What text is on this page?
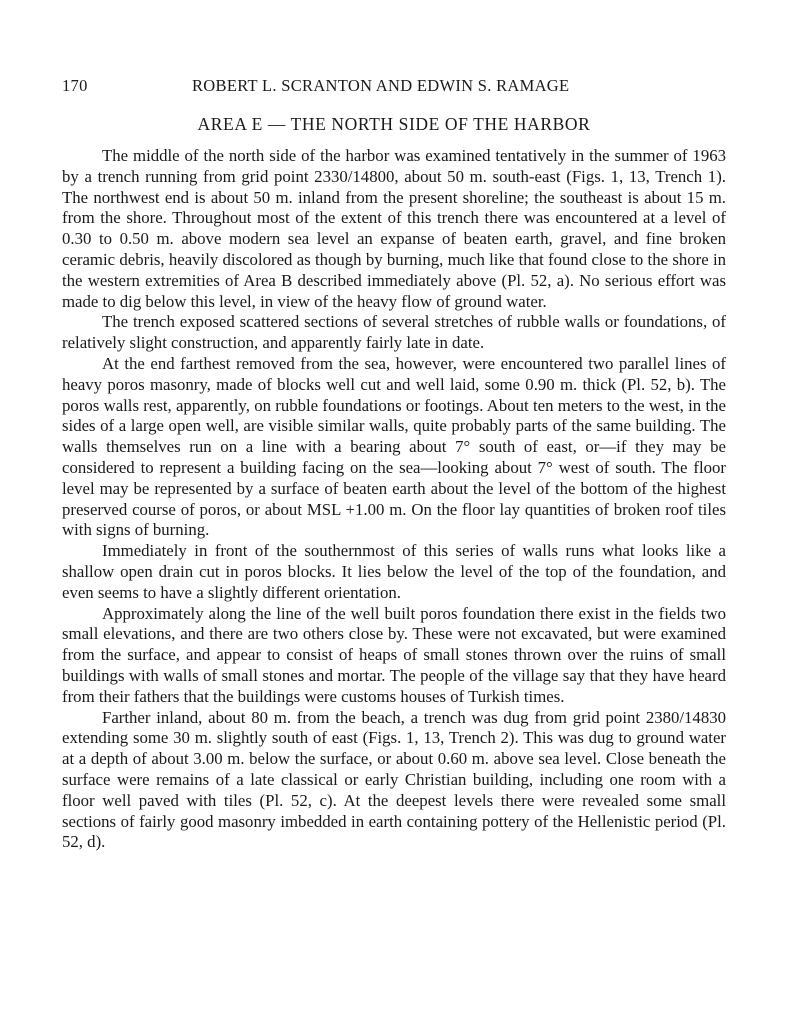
170	ROBERT L. SCRANTON AND EDWIN S. RAMAGE
AREA E — THE NORTH SIDE OF THE HARBOR

The middle of the north side of the harbor was examined tentatively in the summer of 1963 by a trench running from grid point 2330/14800, about 50 m. south-east (Figs. 1, 13, Trench 1). The northwest end is about 50 m. inland from the present shoreline; the southeast is about 15 m. from the shore. Throughout most of the extent of this trench there was encountered at a level of 0.30 to 0.50 m. above modern sea level an expanse of beaten earth, gravel, and fine broken ceramic debris, heavily discolored as though by burning, much like that found close to the shore in the western extremities of Area B described immediately above (Pl. 52, a). No serious effort was made to dig below this level, in view of the heavy flow of ground water.

The trench exposed scattered sections of several stretches of rubble walls or foundations, of relatively slight construction, and apparently fairly late in date.

At the end farthest removed from the sea, however, were encountered two parallel lines of heavy poros masonry, made of blocks well cut and well laid, some 0.90 m. thick (Pl. 52, b). The poros walls rest, apparently, on rubble foundations or footings. About ten meters to the west, in the sides of a large open well, are visible similar walls, quite probably parts of the same building. The walls themselves run on a line with a bearing about 7° south of east, or—if they may be considered to represent a building facing on the sea—looking about 7° west of south. The floor level may be represented by a surface of beaten earth about the level of the bottom of the highest preserved course of poros, or about MSL +1.00 m. On the floor lay quantities of broken roof tiles with signs of burning.

Immediately in front of the southernmost of this series of walls runs what looks like a shallow open drain cut in poros blocks. It lies below the level of the top of the foundation, and even seems to have a slightly different orientation.

Approximately along the line of the well built poros foundation there exist in the fields two small elevations, and there are two others close by. These were not excavated, but were examined from the surface, and appear to consist of heaps of small stones thrown over the ruins of small buildings with walls of small stones and mortar. The people of the village say that they have heard from their fathers that the buildings were customs houses of Turkish times.

Farther inland, about 80 m. from the beach, a trench was dug from grid point 2380/14830 extending some 30 m. slightly south of east (Figs. 1, 13, Trench 2). This was dug to ground water at a depth of about 3.00 m. below the surface, or about 0.60 m. above sea level. Close beneath the surface were remains of a late classical or early Christian building, including one room with a floor well paved with tiles (Pl. 52, c). At the deepest levels there were revealed some small sections of fairly good masonry imbedded in earth containing pottery of the Hellenistic period (Pl. 52, d).
